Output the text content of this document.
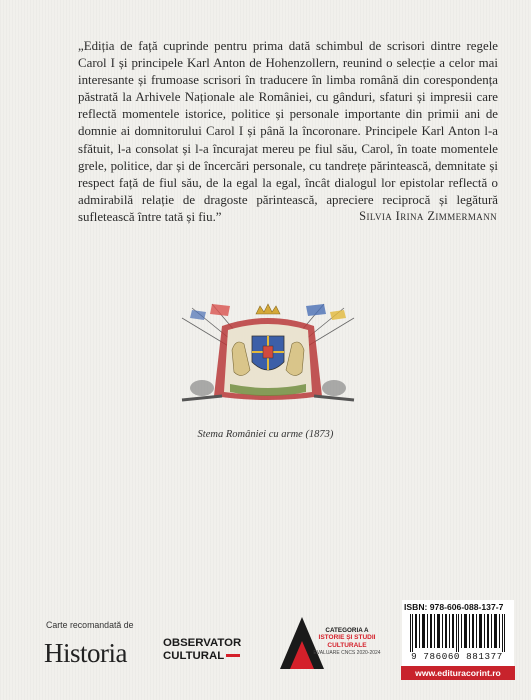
„Ediția de față cuprinde pentru prima dată schimbul de scrisori dintre regele Carol I și principele Karl Anton de Hohenzollern, reunind o selecție a celor mai interesante și frumoase scrisori în traducere în limba română din corespondența păstrată la Arhivele Naționale ale României, cu gânduri, sfaturi și impresii care reflectă momentele istorice, politice și personale importante din primii ani de domnie ai domnitorului Carol I și până la încoronare. Principele Karl Anton l-a sfătuit, l-a consolat și l-a încurajat mereu pe fiul său, Carol, în toate momentele grele, politice, dar și de încercări personale, cu tandrețe părintească, demnitate și respect față de fiul său, de la egal la egal, încât dialogul lor epistolar reflectă o admirabilă relație de dragoste părintească, apreciere reciprocă și legătură sufletească între tată și fiu.”	Silvia Irina Zimmermann
Stema României cu arme (1873)
Carte recomandată de
Historia	OBSERVATOR
CULTURAL
CATEGORIA A
ISTORIE ȘI STUDII CULTURALE
EVALUARE CNCS 2020-2024
ISBN: 978-606-088-137-7
9 786060 881377
www.edituracorint.ro
